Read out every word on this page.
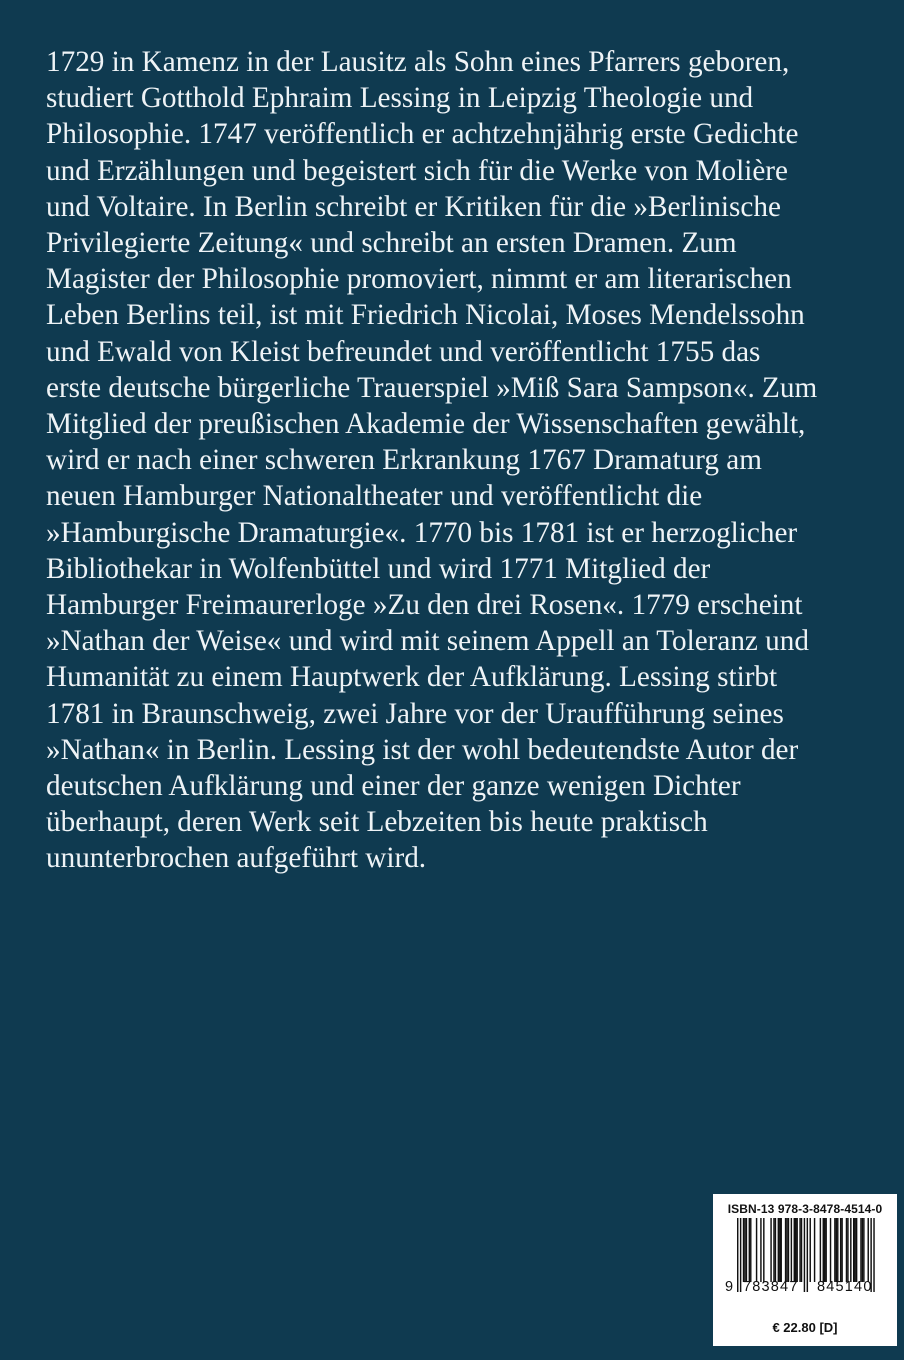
1729 in Kamenz in der Lausitz als Sohn eines Pfarrers geboren,
studiert Gotthold Ephraim Lessing in Leipzig Theologie und
Philosophie. 1747 veröffentlich er achtzehnjährig erste Gedichte
und Erzählungen und begeistert sich für die Werke von Molière
und Voltaire. In Berlin schreibt er Kritiken für die »Berlinische
Privilegierte Zeitung« und schreibt an ersten Dramen. Zum
Magister der Philosophie promoviert, nimmt er am literarischen
Leben Berlins teil, ist mit Friedrich Nicolai, Moses Mendelssohn
und Ewald von Kleist befreundet und veröffentlicht 1755 das
erste deutsche bürgerliche Trauerspiel »Miß Sara Sampson«. Zum
Mitglied der preußischen Akademie der Wissenschaften gewählt,
wird er nach einer schweren Erkrankung 1767 Dramaturg am
neuen Hamburger Nationaltheater und veröffentlicht die
»Hamburgische Dramaturgie«. 1770 bis 1781 ist er herzoglicher
Bibliothekar in Wolfenbüttel und wird 1771 Mitglied der
Hamburger Freimaurerloge »Zu den drei Rosen«. 1779 erscheint
»Nathan der Weise« und wird mit seinem Appell an Toleranz und
Humanität zu einem Hauptwerk der Aufklärung. Lessing stirbt
1781 in Braunschweig, zwei Jahre vor der Uraufführung seines
»Nathan« in Berlin. Lessing ist der wohl bedeutendste Autor der
deutschen Aufklärung und einer der ganze wenigen Dichter
überhaupt, deren Werk seit Lebzeiten bis heute praktisch
ununterbrochen aufgeführt wird.

ISBN-13 978-3-8478-4514-0
9 783847 845140
€ 22.80 [D]
